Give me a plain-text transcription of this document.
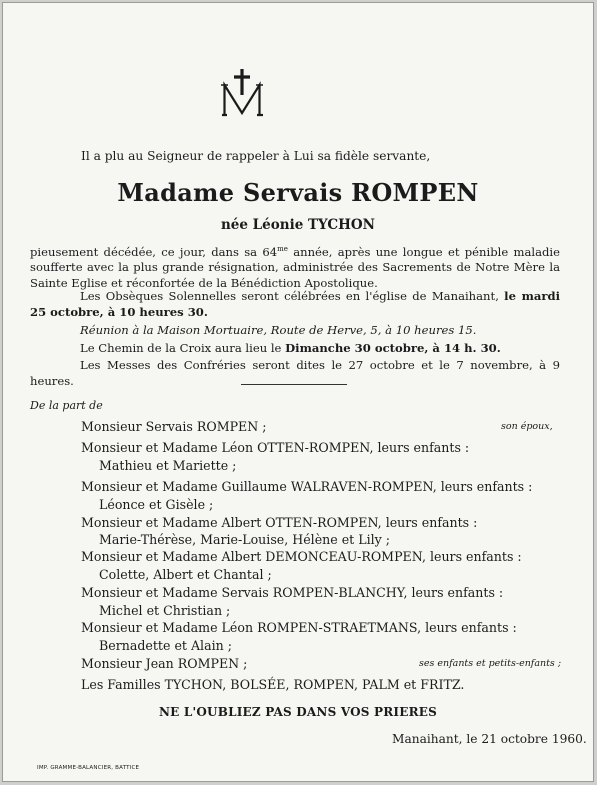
Il a plu au Seigneur de rappeler à Lui sa fidèle servante,
Madame Servais ROMPEN
née Léonie TYCHON
pieusement décédée, ce jour, dans sa $64^{me}$ année, après une longue et pénible maladie soufferte avec la plus grande résignation, administrée des Sacrements de Notre Mère la Sainte Eglise et réconfortée de la Bénédiction Apostolique.
Les Obsèques Solennelles seront célébrées en l'église de Manaihant, le mardi 25 octobre, à 10 heures 30.
Réunion à la Maison Mortuaire, Route de Herve, 5, à 10 heures 15.
Le Chemin de la Croix aura lieu le Dimanche 30 octobre, à 14 h. 30.
Les Messes des Confréries seront dites le 27 octobre et le 7 novembre, à 9 heures.
De la part de
Monsieur Servais ROMPEN ;	son époux,
Monsieur et Madame Léon OTTEN-ROMPEN, leurs enfants :
Mathieu et Mariette ;
Monsieur et Madame Guillaume WALRAVEN-ROMPEN, leurs enfants :
Léonce et Gisèle ;
Monsieur et Madame Albert OTTEN-ROMPEN, leurs enfants :
Marie-Thérèse, Marie-Louise, Hélène et Lily ;
Monsieur et Madame Albert DEMONCEAU-ROMPEN, leurs enfants :
Colette, Albert et Chantal ;
Monsieur et Madame Servais ROMPEN-BLANCHY, leurs enfants :
Michel et Christian ;
Monsieur et Madame Léon ROMPEN-STRAETMANS, leurs enfants :
Bernadette et Alain ;
Monsieur Jean ROMPEN ;	ses enfants et petits-enfants ;
Les Familles TYCHON, BOLSÉE, ROMPEN, PALM et FRITZ.
NE L'OUBLIEZ PAS DANS VOS PRIERES
Manaihant, le 21 octobre 1960.
IMP. GRAMME-BALANCIER, BATTICE
